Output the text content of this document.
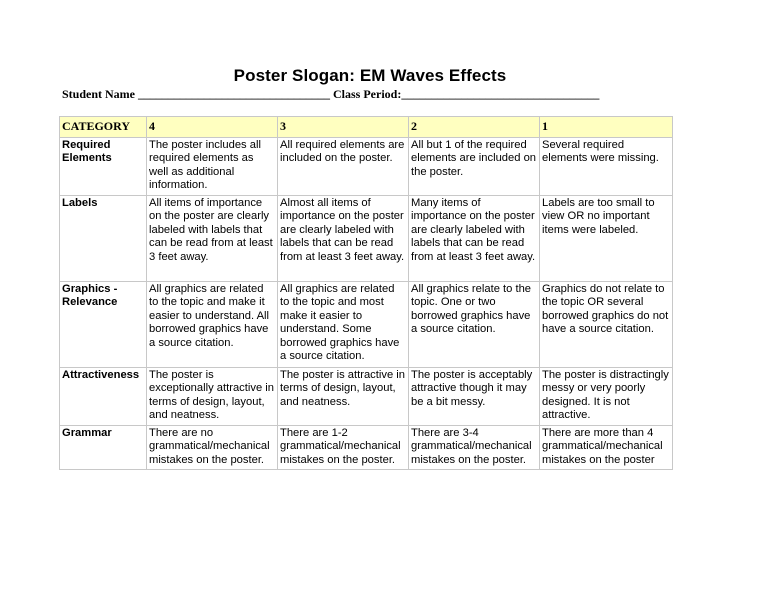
Poster Slogan: EM Waves Effects
Student Name ________________________________ Class Period:_________________________________
CATEGORY	4	3	2	1
Required Elements	The poster includes all required elements as well as additional information.	All required elements are included on the poster.	All but 1 of the required elements are included on the poster.	Several required elements were missing.
Labels	All items of importance on the poster are clearly labeled with labels that can be read from at least 3 feet away.	Almost all items of importance on the poster are clearly labeled with labels that can be read from at least 3 feet away.	Many items of importance on the poster are clearly labeled with labels that can be read from at least 3 feet away.	Labels are too small to view OR no important items were labeled.
Graphics - Relevance	All graphics are related to the topic and make it easier to understand. All borrowed graphics have a source citation.	All graphics are related to the topic and most make it easier to understand. Some borrowed graphics have a source citation.	All graphics relate to the topic. One or two borrowed graphics have a source citation.	Graphics do not relate to the topic OR several borrowed graphics do not have a source citation.
Attractiveness	The poster is exceptionally attractive in terms of design, layout, and neatness.	The poster is attractive in terms of design, layout, and neatness.	The poster is acceptably attractive though it may be a bit messy.	The poster is distractingly messy or very poorly designed. It is not attractive.
Grammar	There are no grammatical/mechanical mistakes on the poster.	There are 1-2 grammatical/mechanical mistakes on the poster.	There are 3-4 grammatical/mechanical mistakes on the poster.	There are more than 4 grammatical/mechanical mistakes on the poster
